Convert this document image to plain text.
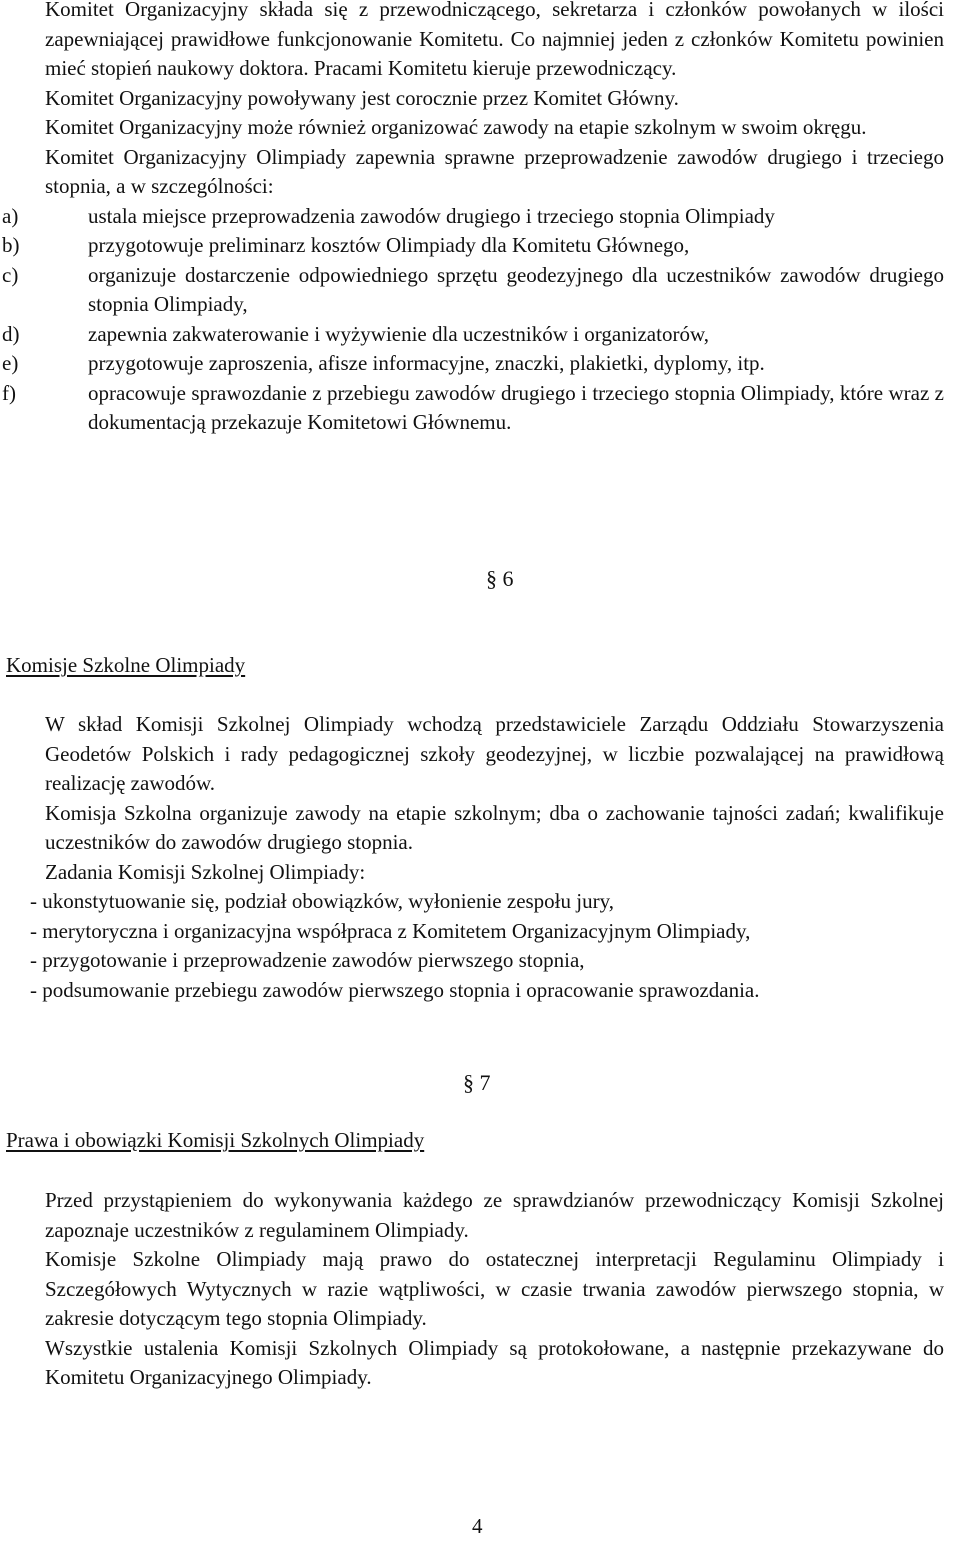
Komitet Organizacyjny składa się z przewodniczącego, sekretarza i członków powołanych w ilości zapewniającej prawidłowe funkcjonowanie Komitetu. Co najmniej jeden z członków Komitetu powinien mieć stopień naukowy doktora. Pracami Komitetu kieruje przewodniczący.
Komitet Organizacyjny powoływany jest corocznie przez Komitet Główny.
Komitet Organizacyjny może również organizować zawody na etapie szkolnym w swoim okręgu.
Komitet Organizacyjny Olimpiady zapewnia sprawne przeprowadzenie zawodów drugiego i trzeciego stopnia, a w szczególności:
a)	ustala miejsce przeprowadzenia zawodów drugiego i trzeciego stopnia Olimpiady
b)	przygotowuje preliminarz kosztów Olimpiady dla Komitetu Głównego,
c)	organizuje dostarczenie odpowiedniego sprzętu geodezyjnego dla uczestników zawodów drugiego stopnia Olimpiady,
d)	zapewnia zakwaterowanie i wyżywienie dla uczestników i organizatorów,
e)	przygotowuje zaproszenia, afisze informacyjne, znaczki, plakietki, dyplomy, itp.
f)	opracowuje sprawozdanie z przebiegu zawodów drugiego i trzeciego stopnia Olimpiady, które wraz z dokumentacją przekazuje Komitetowi Głównemu.
§ 6
Komisje Szkolne Olimpiady
W skład Komisji Szkolnej Olimpiady wchodzą przedstawiciele Zarządu Oddziału Stowarzyszenia Geodetów Polskich i rady pedagogicznej szkoły geodezyjnej, w liczbie pozwalającej na prawidłową realizację zawodów.
Komisja Szkolna organizuje zawody na etapie szkolnym; dba o zachowanie tajności zadań; kwalifikuje uczestników do zawodów drugiego stopnia.
Zadania Komisji Szkolnej Olimpiady:
- ukonstytuowanie się, podział obowiązków, wyłonienie zespołu jury,
- merytoryczna i organizacyjna współpraca z Komitetem Organizacyjnym Olimpiady,
- przygotowanie i przeprowadzenie zawodów pierwszego stopnia,
- podsumowanie przebiegu zawodów pierwszego stopnia i opracowanie sprawozdania.
§ 7
Prawa i obowiązki Komisji Szkolnych Olimpiady
Przed przystąpieniem do wykonywania każdego ze sprawdzianów przewodniczący Komisji Szkolnej zapoznaje uczestników z regulaminem Olimpiady.
Komisje Szkolne Olimpiady mają prawo do ostatecznej interpretacji Regulaminu Olimpiady i Szczegółowych Wytycznych w razie wątpliwości, w czasie trwania zawodów pierwszego stopnia, w zakresie dotyczącym tego stopnia Olimpiady.
Wszystkie ustalenia Komisji Szkolnych Olimpiady są protokołowane, a następnie przekazywane do Komitetu Organizacyjnego Olimpiady.
4
